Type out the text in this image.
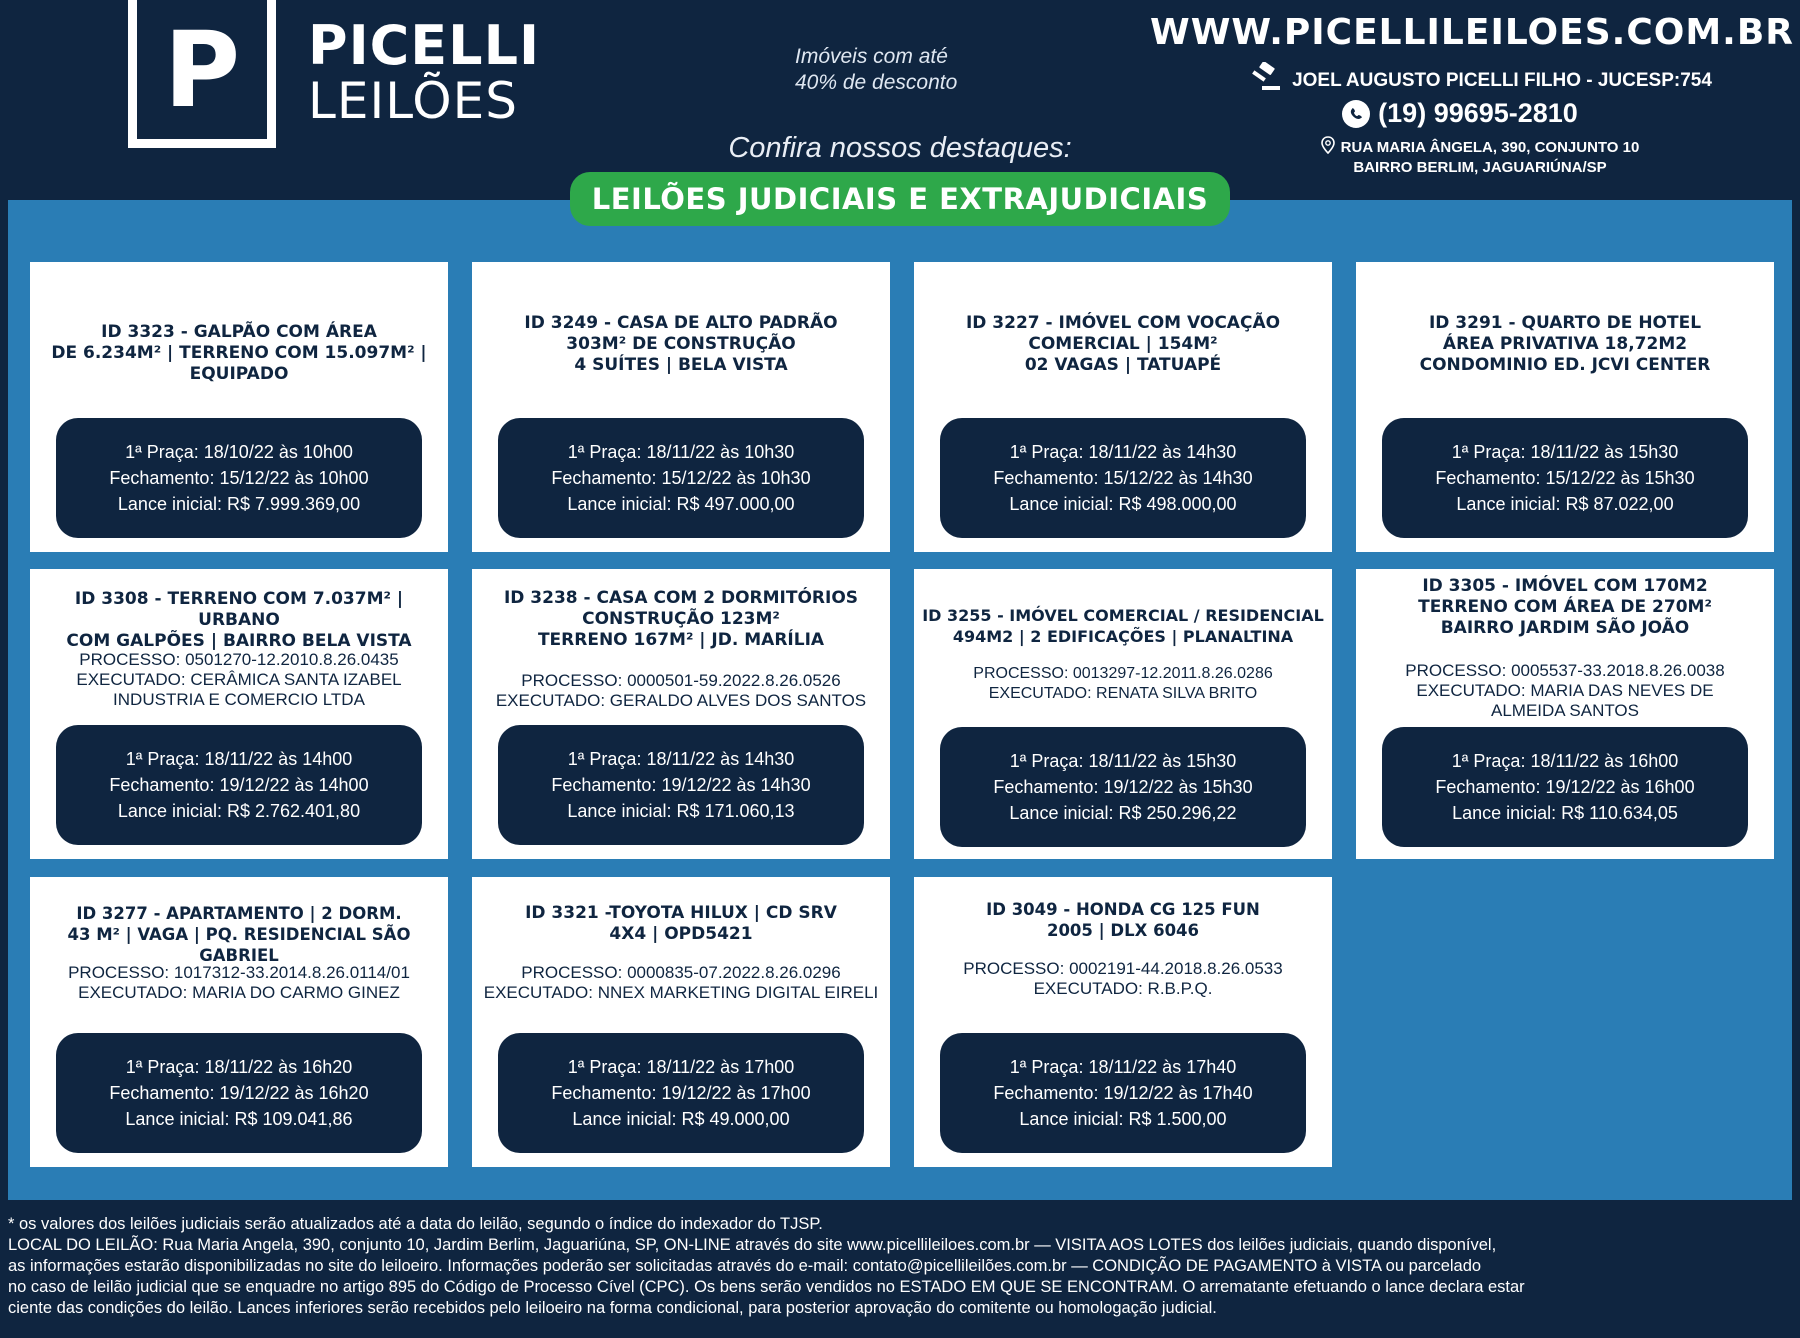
P PICELLI
LEILÕES
Imóveis com até
40% de desconto
Confira nossos destaques:
WWW.PICELLILEILOES.COM.BR
JOEL AUGUSTO PICELLI FILHO - JUCESP:754
(19) 99695-2810
RUA MARIA ÂNGELA, 390, CONJUNTO 10
BAIRRO BERLIM, JAGUARIÚNA/SP
LEILÕES JUDICIAIS E EXTRAJUDICIAIS
ID 3323 - GALPÃO COM ÁREA
DE 6.234M² | TERRENO COM 15.097M² |
EQUIPADO
1ª Praça: 18/10/22 às 10h00
Fechamento: 15/12/22 às 10h00
Lance inicial: R$ 7.999.369,00
ID 3249 - CASA DE ALTO PADRÃO
303M² DE CONSTRUÇÃO
4 SUÍTES | BELA VISTA
1ª Praça: 18/11/22 às 10h30
Fechamento: 15/12/22 às 10h30
Lance inicial: R$ 497.000,00
ID 3227 - IMÓVEL COM VOCAÇÃO
COMERCIAL | 154M²
02 VAGAS | TATUAPÉ
1ª Praça: 18/11/22 às 14h30
Fechamento: 15/12/22 às 14h30
Lance inicial: R$ 498.000,00
ID 3291 - QUARTO DE HOTEL
ÁREA PRIVATIVA 18,72M2
CONDOMINIO ED. JCVI CENTER
1ª Praça: 18/11/22 às 15h30
Fechamento: 15/12/22 às 15h30
Lance inicial: R$ 87.022,00
ID 3308 - TERRENO COM 7.037M² | URBANO
COM GALPÕES | BAIRRO BELA VISTA
PROCESSO: 0501270-12.2010.8.26.0435
EXECUTADO: CERÂMICA SANTA IZABEL
INDUSTRIA E COMERCIO LTDA
1ª Praça: 18/11/22 às 14h00
Fechamento: 19/12/22 às 14h00
Lance inicial: R$ 2.762.401,80
ID 3238 - CASA COM 2 DORMITÓRIOS
CONSTRUÇÃO 123M²
TERRENO 167M² | JD. MARÍLIA
PROCESSO: 0000501-59.2022.8.26.0526
EXECUTADO: GERALDO ALVES DOS SANTOS
1ª Praça: 18/11/22 às 14h30
Fechamento: 19/12/22 às 14h30
Lance inicial: R$ 171.060,13
ID 3255 - IMÓVEL COMERCIAL / RESIDENCIAL
494M2 | 2 EDIFICAÇÕES | PLANALTINA
PROCESSO: 0013297-12.2011.8.26.0286
EXECUTADO: RENATA SILVA BRITO
1ª Praça: 18/11/22 às 15h30
Fechamento: 19/12/22 às 15h30
Lance inicial: R$ 250.296,22
ID 3305 - IMÓVEL COM 170M2
TERRENO COM ÁREA DE 270M²
BAIRRO JARDIM SÃO JOÃO
PROCESSO: 0005537-33.2018.8.26.0038
EXECUTADO: MARIA DAS NEVES DE
ALMEIDA SANTOS
1ª Praça: 18/11/22 às 16h00
Fechamento: 19/12/22 às 16h00
Lance inicial: R$ 110.634,05
ID 3277 - APARTAMENTO | 2 DORM.
43 M² | VAGA | PQ. RESIDENCIAL SÃO GABRIEL
PROCESSO: 1017312-33.2014.8.26.0114/01
EXECUTADO: MARIA DO CARMO GINEZ
1ª Praça: 18/11/22 às 16h20
Fechamento: 19/12/22 às 16h20
Lance inicial: R$ 109.041,86
ID 3321 -TOYOTA HILUX | CD SRV
4X4 | OPD5421
PROCESSO: 0000835-07.2022.8.26.0296
EXECUTADO: NNEX MARKETING DIGITAL EIRELI
1ª Praça: 18/11/22 às 17h00
Fechamento: 19/12/22 às 17h00
Lance inicial: R$ 49.000,00
ID 3049 - HONDA CG 125 FUN
2005 | DLX 6046
PROCESSO: 0002191-44.2018.8.26.0533
EXECUTADO: R.B.P.Q.
1ª Praça: 18/11/22 às 17h40
Fechamento: 19/12/22 às 17h40
Lance inicial: R$ 1.500,00
* os valores dos leilões judiciais serão atualizados até a data do leilão, segundo o índice do indexador do TJSP.
LOCAL DO LEILÃO: Rua Maria Angela, 390, conjunto 10, Jardim Berlim, Jaguariúna, SP, ON-LINE através do site www.picellileiloes.com.br — VISITA AOS LOTES dos leilões judiciais, quando disponível,
as informações estarão disponibilizadas no site do leiloeiro. Informações poderão ser solicitadas através do e-mail: contato@picellileilões.com.br — CONDIÇÃO DE PAGAMENTO à VISTA ou parcelado
no caso de leilão judicial que se enquadre no artigo 895 do Código de Processo Cível (CPC). Os bens serão vendidos no ESTADO EM QUE SE ENCONTRAM. O arrematante efetuando o lance declara estar
ciente das condições do leilão. Lances inferiores serão recebidos pelo leiloeiro na forma condicional, para posterior aprovação do comitente ou homologação judicial.
